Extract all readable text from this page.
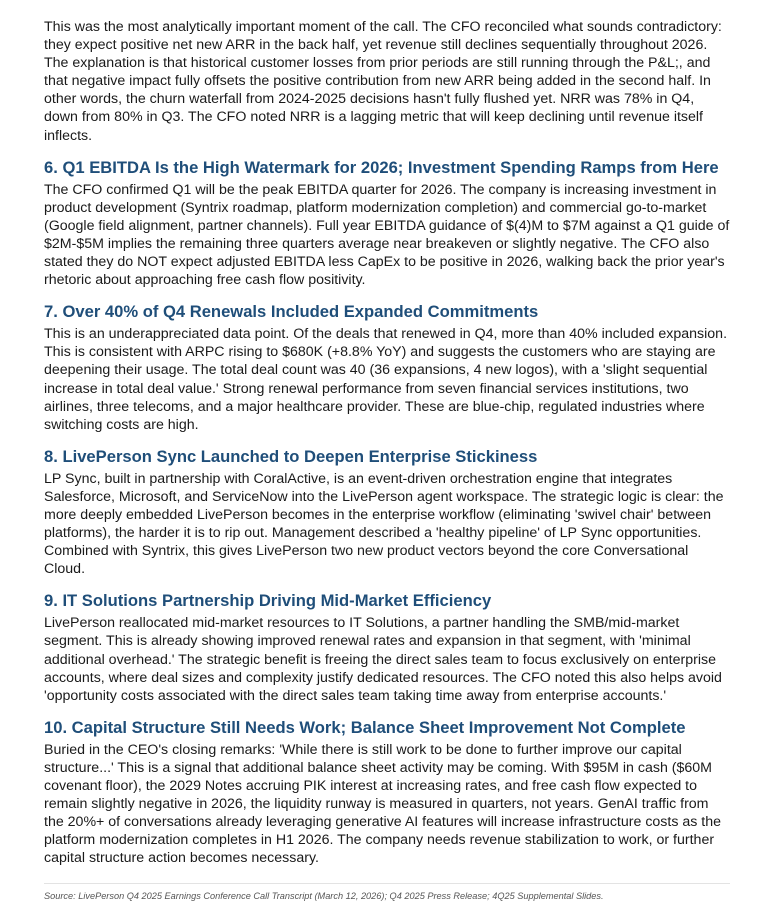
This was the most analytically important moment of the call. The CFO reconciled what sounds contradictory: they expect positive net new ARR in the back half, yet revenue still declines sequentially throughout 2026. The explanation is that historical customer losses from prior periods are still running through the P&L;, and that negative impact fully offsets the positive contribution from new ARR being added in the second half. In other words, the churn waterfall from 2024-2025 decisions hasn't fully flushed yet. NRR was 78% in Q4, down from 80% in Q3. The CFO noted NRR is a lagging metric that will keep declining until revenue itself inflects.

6. Q1 EBITDA Is the High Watermark for 2026; Investment Spending Ramps from Here

The CFO confirmed Q1 will be the peak EBITDA quarter for 2026. The company is increasing investment in product development (Syntrix roadmap, platform modernization completion) and commercial go-to-market (Google field alignment, partner channels). Full year EBITDA guidance of $(4)M to $7M against a Q1 guide of $2M-$5M implies the remaining three quarters average near breakeven or slightly negative. The CFO also stated they do NOT expect adjusted EBITDA less CapEx to be positive in 2026, walking back the prior year's rhetoric about approaching free cash flow positivity.

7. Over 40% of Q4 Renewals Included Expanded Commitments

This is an underappreciated data point. Of the deals that renewed in Q4, more than 40% included expansion. This is consistent with ARPC rising to $680K (+8.8% YoY) and suggests the customers who are staying are deepening their usage. The total deal count was 40 (36 expansions, 4 new logos), with a 'slight sequential increase in total deal value.' Strong renewal performance from seven financial services institutions, two airlines, three telecoms, and a major healthcare provider. These are blue-chip, regulated industries where switching costs are high.

8. LivePerson Sync Launched to Deepen Enterprise Stickiness

LP Sync, built in partnership with CoralActive, is an event-driven orchestration engine that integrates Salesforce, Microsoft, and ServiceNow into the LivePerson agent workspace. The strategic logic is clear: the more deeply embedded LivePerson becomes in the enterprise workflow (eliminating 'swivel chair' between platforms), the harder it is to rip out. Management described a 'healthy pipeline' of LP Sync opportunities. Combined with Syntrix, this gives LivePerson two new product vectors beyond the core Conversational Cloud.

9. IT Solutions Partnership Driving Mid-Market Efficiency

LivePerson reallocated mid-market resources to IT Solutions, a partner handling the SMB/mid-market segment. This is already showing improved renewal rates and expansion in that segment, with 'minimal additional overhead.' The strategic benefit is freeing the direct sales team to focus exclusively on enterprise accounts, where deal sizes and complexity justify dedicated resources. The CFO noted this also helps avoid 'opportunity costs associated with the direct sales team taking time away from enterprise accounts.'

10. Capital Structure Still Needs Work; Balance Sheet Improvement Not Complete

Buried in the CEO's closing remarks: 'While there is still work to be done to further improve our capital structure...' This is a signal that additional balance sheet activity may be coming. With $95M in cash ($60M covenant floor), the 2029 Notes accruing PIK interest at increasing rates, and free cash flow expected to remain slightly negative in 2026, the liquidity runway is measured in quarters, not years. GenAI traffic from the 20%+ of conversations already leveraging generative AI features will increase infrastructure costs as the platform modernization completes in H1 2026. The company needs revenue stabilization to work, or further capital structure action becomes necessary.

Source: LivePerson Q4 2025 Earnings Conference Call Transcript (March 12, 2026); Q4 2025 Press Release; 4Q25 Supplemental Slides.
